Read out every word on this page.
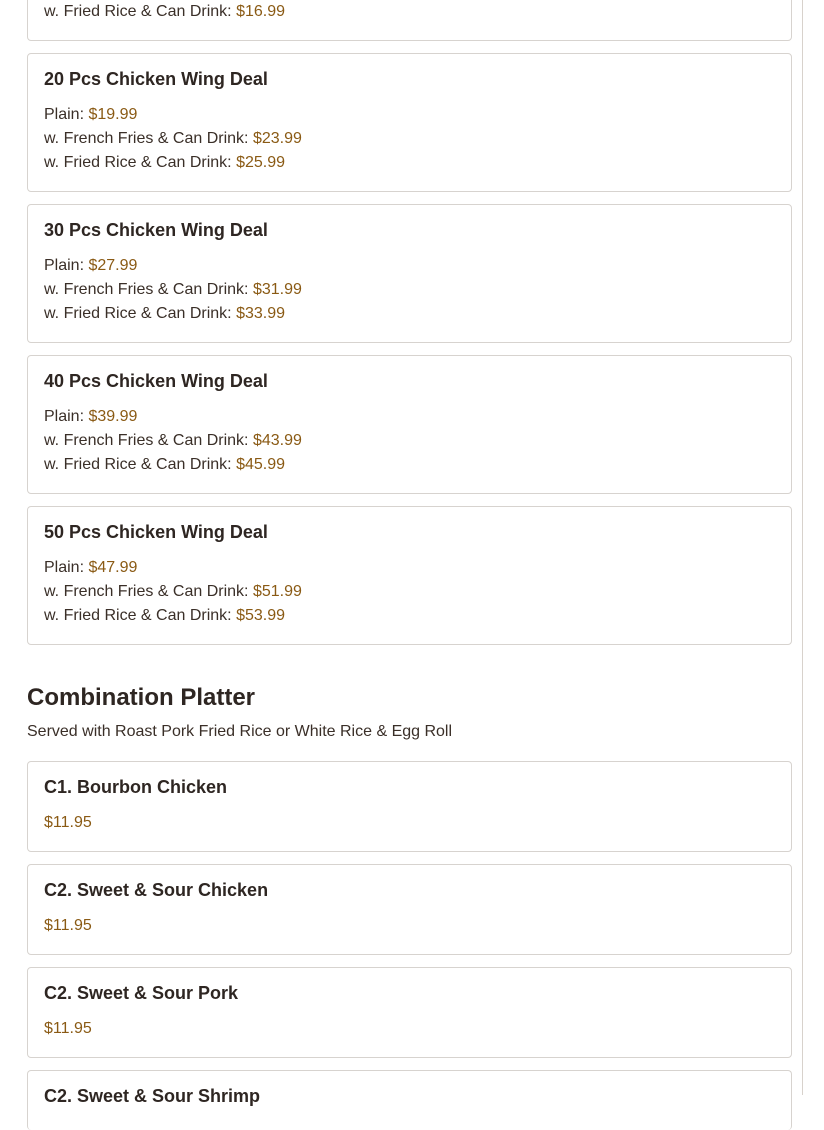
w. Fried Rice & Can Drink: $16.99
20 Pcs Chicken Wing Deal
Plain: $19.99
w. French Fries & Can Drink: $23.99
w. Fried Rice & Can Drink: $25.99
30 Pcs Chicken Wing Deal
Plain: $27.99
w. French Fries & Can Drink: $31.99
w. Fried Rice & Can Drink: $33.99
40 Pcs Chicken Wing Deal
Plain: $39.99
w. French Fries & Can Drink: $43.99
w. Fried Rice & Can Drink: $45.99
50 Pcs Chicken Wing Deal
Plain: $47.99
w. French Fries & Can Drink: $51.99
w. Fried Rice & Can Drink: $53.99
Combination Platter
Served with Roast Pork Fried Rice or White Rice & Egg Roll
C1. Bourbon Chicken
$11.95
C2. Sweet & Sour Chicken
$11.95
C2. Sweet & Sour Pork
$11.95
C2. Sweet & Sour Shrimp
